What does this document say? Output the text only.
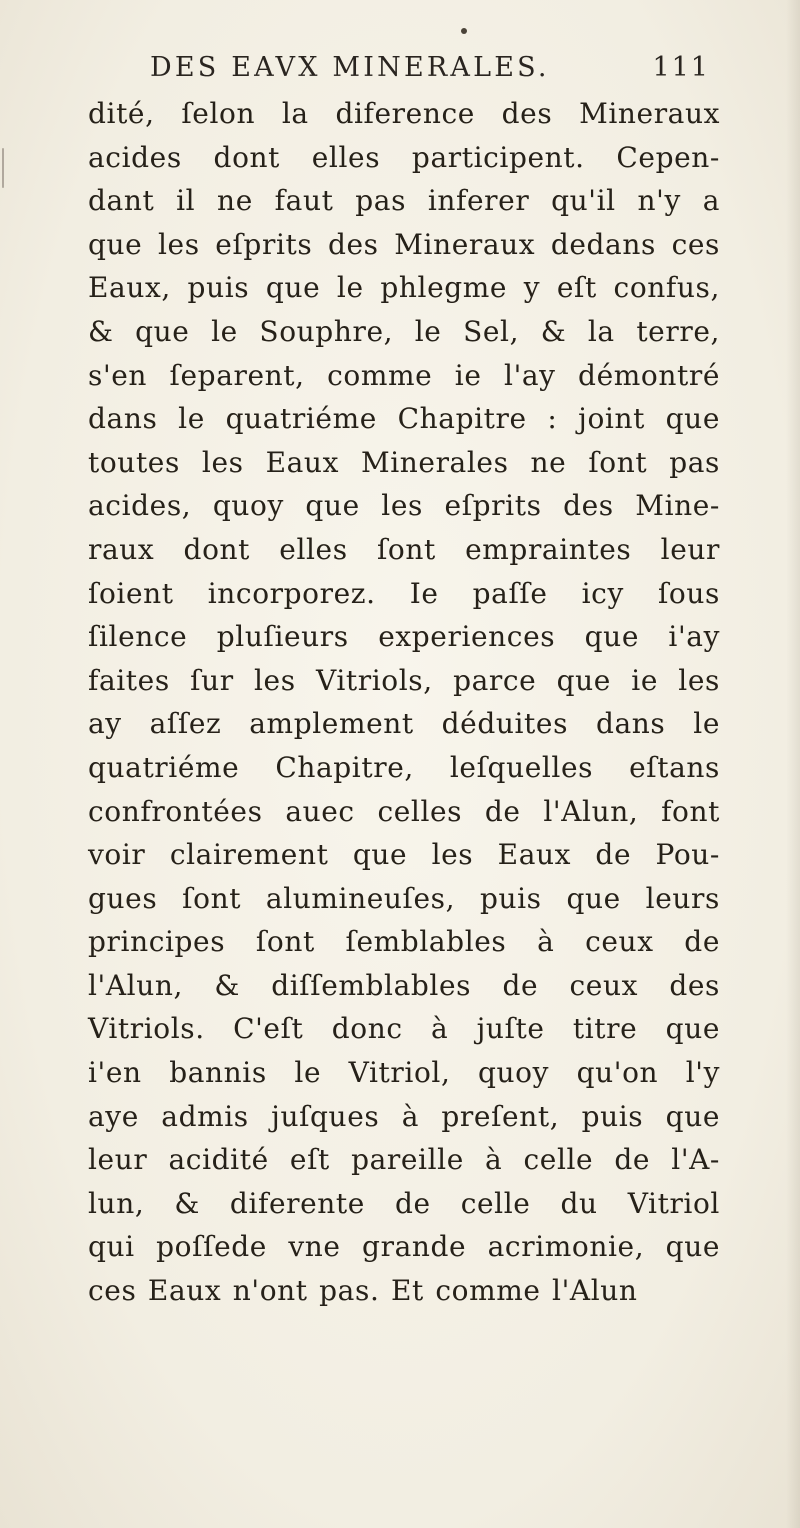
DES EAVX MINERALES.	111
dité, ſelon la diference des Mineraux
acides dont elles participent. Cepen-
dant il ne faut pas inferer qu'il n'y a
que les eſprits des Mineraux dedans ces
Eaux, puis que le phlegme y eſt confus,
& que le Souphre, le Sel, & la terre,
s'en ſeparent, comme ie l'ay démontré
dans le quatriéme Chapitre : joint que
toutes les Eaux Minerales ne ſont pas
acides, quoy que les eſprits des Mine-
raux dont elles ſont empraintes leur
ſoient incorporez. Ie paſſe icy ſous
ſilence pluſieurs experiences que i'ay
faites ſur les Vitriols, parce que ie les
ay aſſez amplement déduites dans le
quatriéme Chapitre, leſquelles eſtans
confrontées auec celles de l'Alun, font
voir clairement que les Eaux de Pou-
gues ſont alumineuſes, puis que leurs
principes ſont ſemblables à ceux de
l'Alun, & diſſemblables de ceux des
Vitriols. C'eſt donc à juſte titre que
i'en bannis le Vitriol, quoy qu'on l'y
aye admis juſques à preſent, puis que
leur acidité eſt pareille à celle de l'A-
lun, & diferente de celle du Vitriol
qui poſſede vne grande acrimonie, que
ces Eaux n'ont pas. Et comme l'Alun
